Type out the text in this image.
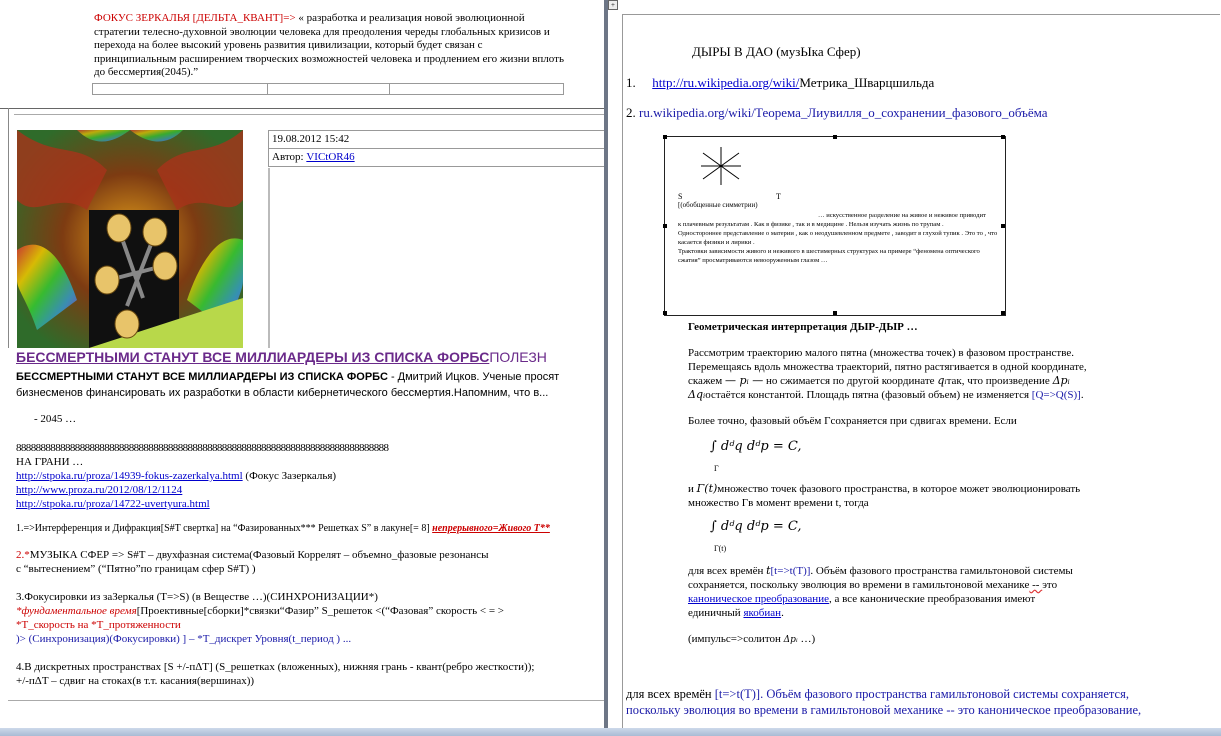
ФОКУС ЗЕРКАЛЬЯ [ДЕЛЬТА_КВАНТ]=> « разработка и реализация новой эволюционной стратегии телесно-духовной эволюции человека для преодоления череды глобальных кризисов и перехода на более высокий уровень развития цивилизации, который будет связан с принципиальным расширением творческих возможностей человека и продлением его жизни вплоть до бессмертия(2045).”
19.08.2012 15:42
Автор: VICtOR46
БЕССМЕРТНЫМИ СТАНУТ ВСЕ МИЛЛИАРДЕРЫ ИЗ СПИСКА ФОРБСПОЛЕЗН
БЕССМЕРТНЫМИ СТАНУТ ВСЕ МИЛЛИАРДЕРЫ ИЗ СПИСКА ФОРБС - Дмитрий Ицков. Ученые просят
бизнесменов финансировать их разработки в области кибернетического бессмертия.Напомним, что в...
- 2045 …
8888888888888888888888888888888888888888888888888888888888888888888888888888
НА ГРАНИ …
http://stpoka.ru/proza/14939-fokus-zazerkalya.html (Фокус Зазеркалья)
http://www.proza.ru/2012/08/12/1124
http://stpoka.ru/proza/14722-uvertyura.html
1.=>Интерференция и Дифракция[S#T свертка] на “Фазированных*** Решетках S” в лакуне[= 8] непрерывного=Живого Т**
2.*МУЗЫКА СФЕР => S#T – двухфазная система(Фазовый Коррелят – объемно_фазовые резонансы
с “вытеснением” (“Пятно”по границам сфер S#T) )
3.Фокусировки из заЗеркалья (T=>S) (в Веществе …)(СИНХРОНИЗАЦИИ*)
*фундаментальное время[Проективные[сборки]*связки“Фазир” S_решеток <(“Фазовая” скорость < = >
*T_скорость на *T_протяженности
)> (Синхронизация)(Фокусировки) ] – *T_дискрет Уровня(t_период ) ...
4.В дискретных пространствах [S +/-пΔT] (S_решетках (вложенных), нижняя грань - квант(ребро жесткости));
+/-пΔT – сдвиг на стоках(в т.т. касания(вершинах))
+
ДЫРЫ В ДАО (музЫка Сфер)
1. http://ru.wikipedia.org/wiki/Метрика_Шварцшильда
2. ru.wikipedia.org/wiki/Теорема_Лиувилля_о_сохранении_фазового_объёма
S	T
[(обобщенные симметрии)
… искусственное разделение на живое и неживое приводит
к плачевным результатам . Как в физике , так и в медицине . Нельзя изучать жизнь по трупам .
Одностороннее представление о материи , как о неодушевленном предмете , заводит в глухой тупик . Это то , что касается физики и лирики .
Трактовки зависимости живого и неживого в шестимерных структурах на примере “феномена оптического сжатия” просматриваются невооруженным глазом …
Геометрическая интерпретация ДЫР-ДЫР …
Рассмотрим траекторию малого пятна (множества точек) в фазовом пространстве. Перемещаясь вдоль множества траекторий, пятно растягивается в одной координате, скажем — pᵢ — но сжимается по другой координате qᵢтак, что произведение Δpᵢ Δqᵢостаётся константой. Площадь пятна (фазовый объем) не изменяется [Q=>Q(S)].
Более точно, фазовый объём Γсохраняется при сдвигах времени. Если
∫ dᵈq dᵈp = C,
Γ
и Γ(t)множество точек фазового пространства, в которое может эволюционировать множество Γв момент времени t, тогда
∫ dᵈq dᵈp = C,
Γ(t)
для всех времён t[t=>t(T)]. Объём фазового пространства гамильтоновой системы сохраняется, поскольку эволюция во времени в гамильтоновой механике -- это каноническое преобразование, а все канонические преобразования имеют единичный якобиан.
(импульс=>солитон Δpᵢ …)
для всех времён [t=>t(T)]. Объём фазового пространства гамильтоновой системы сохраняется,
поскольку эволюция во времени в гамильтоновой механике -- это каноническое преобразование,
